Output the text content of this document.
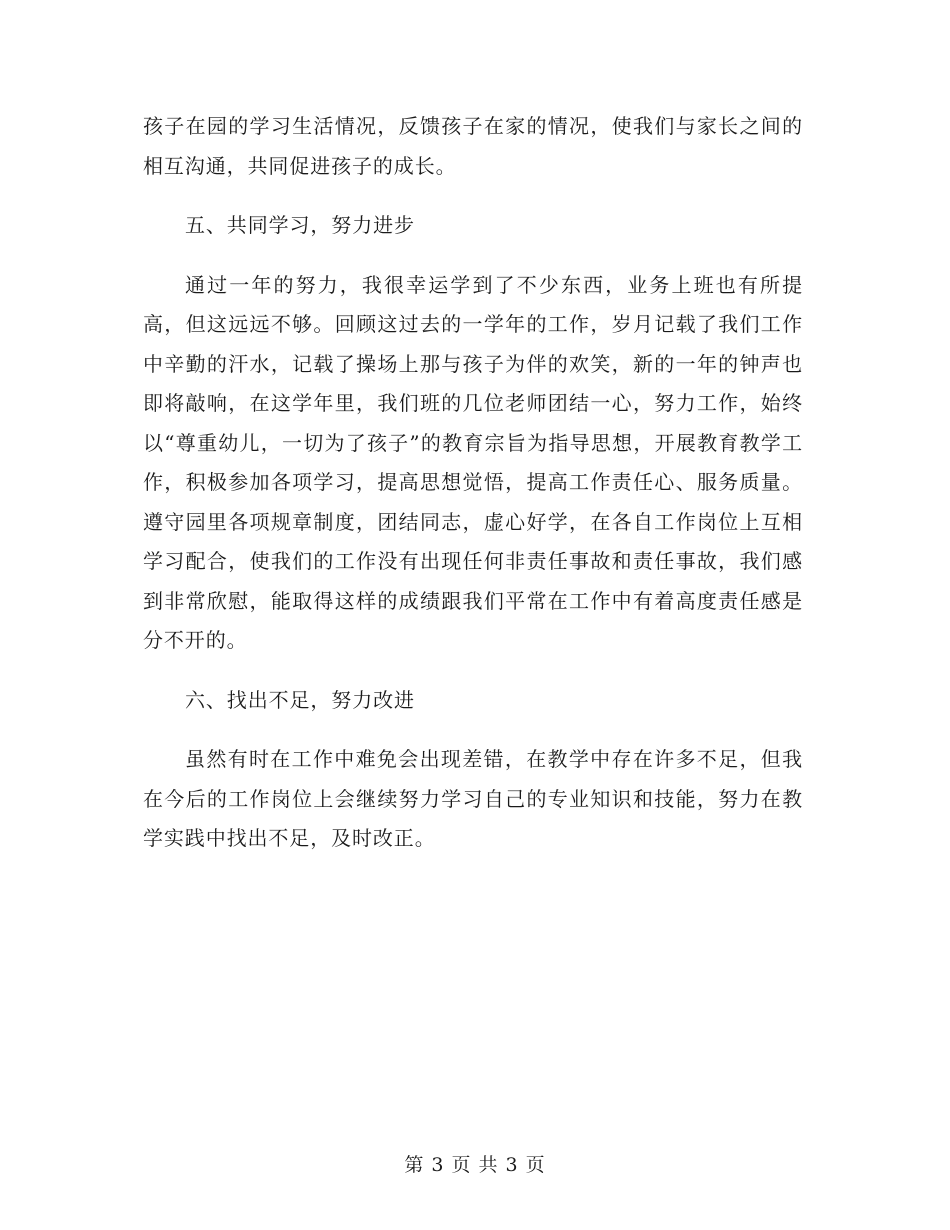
孩子在园的学习生活情况，反馈孩子在家的情况，使我们与家长之间的相互沟通，共同促进孩子的成长。

五、共同学习，努力进步

通过一年的努力，我很幸运学到了不少东西，业务上班也有所提高，但这远远不够。回顾这过去的一学年的工作，岁月记载了我们工作中辛勤的汗水，记载了操场上那与孩子为伴的欢笑，新的一年的钟声也即将敲响，在这学年里，我们班的几位老师团结一心，努力工作，始终以“尊重幼儿，一切为了孩子”的教育宗旨为指导思想，开展教育教学工作，积极参加各项学习，提高思想觉悟，提高工作责任心、服务质量。遵守园里各项规章制度，团结同志，虚心好学，在各自工作岗位上互相学习配合，使我们的工作没有出现任何非责任事故和责任事故，我们感到非常欣慰，能取得这样的成绩跟我们平常在工作中有着高度责任感是分不开的。

六、找出不足，努力改进

虽然有时在工作中难免会出现差错，在教学中存在许多不足，但我在今后的工作岗位上会继续努力学习自己的专业知识和技能，努力在教学实践中找出不足，及时改正。

第 3 页 共 3 页
